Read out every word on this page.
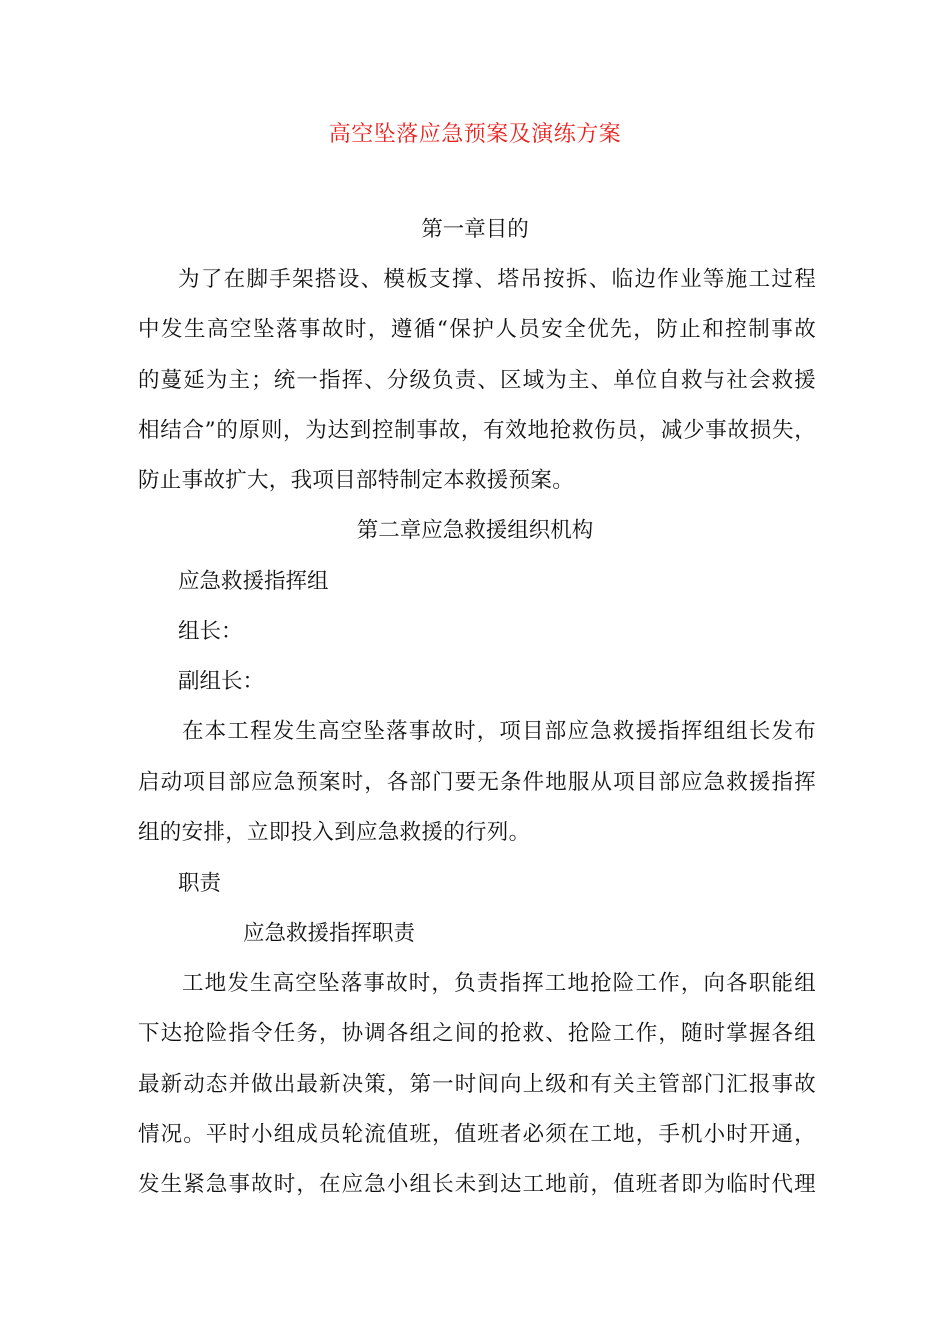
高空坠落应急预案及演练方案
第一章目的
为了在脚手架搭设、模板支撑、塔吊按拆、临边作业等施工过程
中发生高空坠落事故时，遵循“保护人员安全优先，防止和控制事故
的蔓延为主；统一指挥、分级负责、区域为主、单位自救与社会救援
相结合”的原则，为达到控制事故，有效地抢救伤员，减少事故损失，
防止事故扩大，我项目部特制定本救援预案。
第二章应急救援组织机构
应急救援指挥组
组长：
副组长：
在本工程发生高空坠落事故时，项目部应急救援指挥组组长发布
启动项目部应急预案时，各部门要无条件地服从项目部应急救援指挥
组的安排，立即投入到应急救援的行列。
职责
应急救援指挥职责
工地发生高空坠落事故时，负责指挥工地抢险工作，向各职能组
下达抢险指令任务，协调各组之间的抢救、抢险工作，随时掌握各组
最新动态并做出最新决策，第一时间向上级和有关主管部门汇报事故
情况。平时小组成员轮流值班，值班者必须在工地，手机小时开通，
发生紧急事故时，在应急小组长未到达工地前，值班者即为临时代理
